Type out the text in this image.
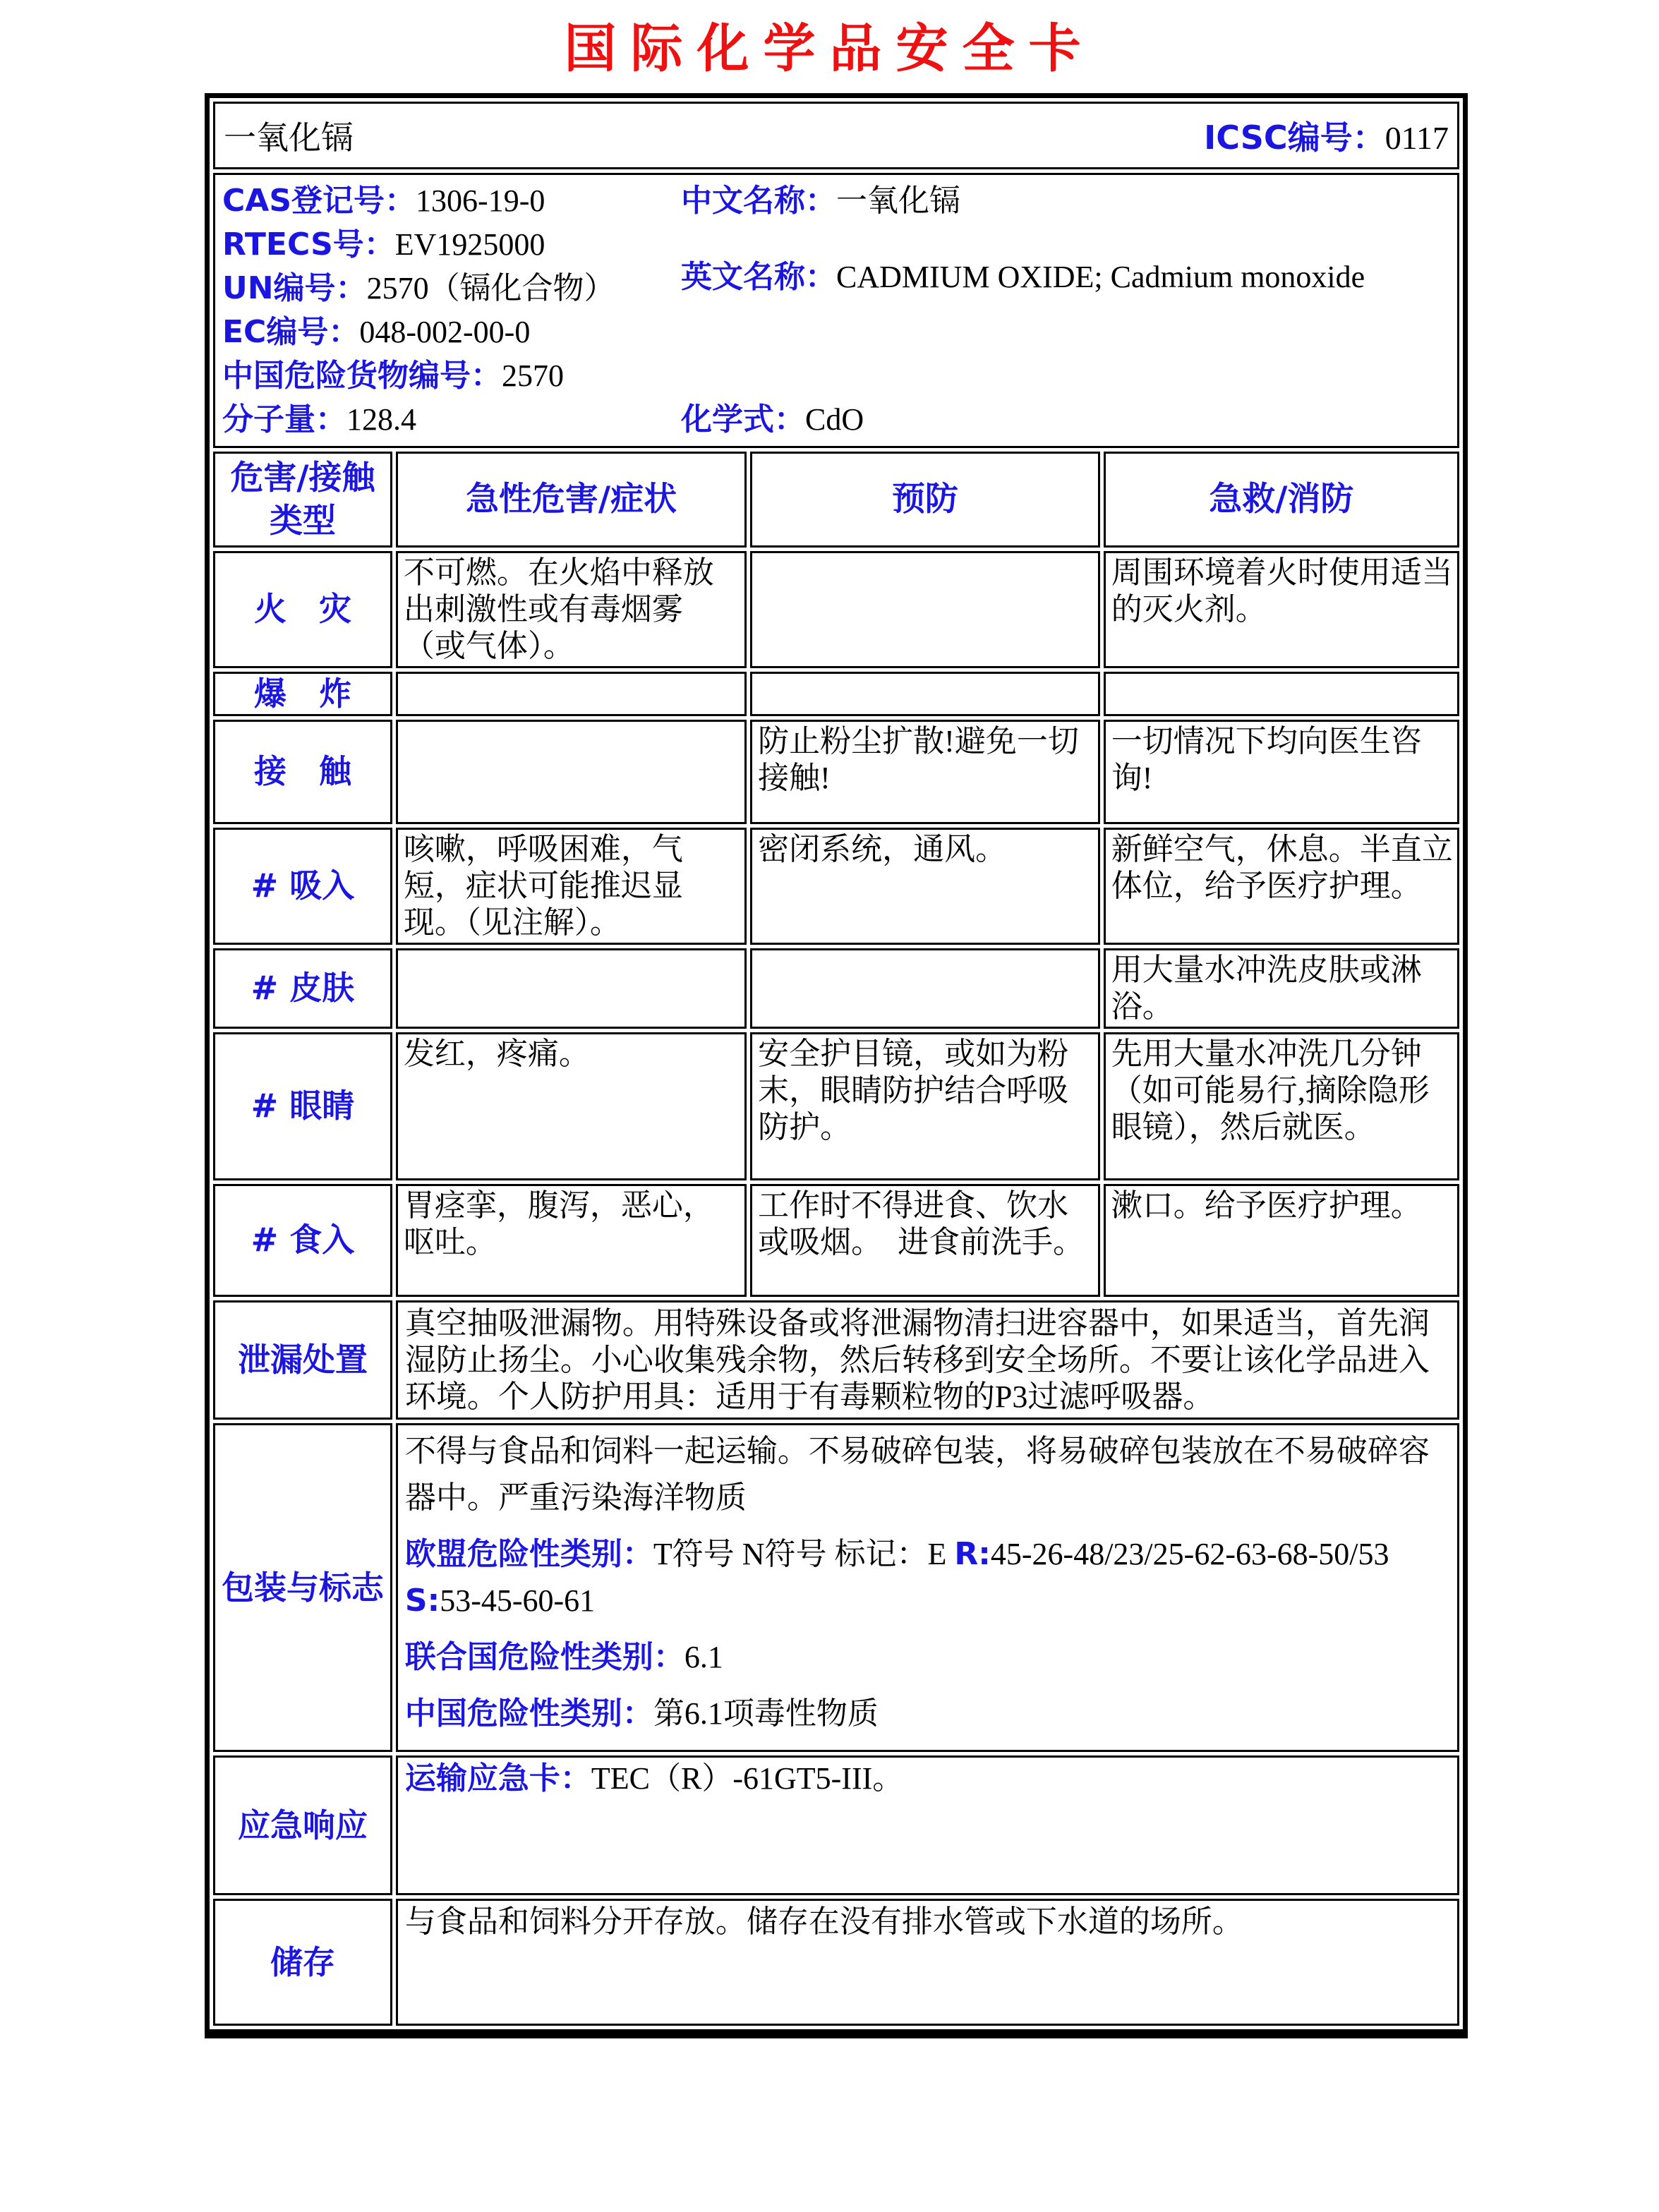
国际化学品安全卡
一氧化镉 ICSC编号：0117			

CAS登记号：1306-19-0
RTECS号：EV1925000
UN编号：2570（镉化合物）
EC编号：048-002-00-0
中国危险货物编号：2570
分子量：128.4
中文名称：一氧化镉
英文名称：CADMIUM OXIDE; Cadmium monoxide
化学式：CdO

危害/接触类型	急性危害/症状	预防	急救/消防
火　灾	不可燃。在火焰中释放出刺激性或有毒烟雾（或气体）。		周围环境着火时使用适当的灭火剂。
爆　炸			
接　触		防止粉尘扩散!避免一切接触!	一切情况下均向医生咨询!
# 吸入	咳嗽，呼吸困难，气短，症状可能推迟显现。（见注解）。	密闭系统，通风。	新鲜空气，休息。半直立体位，给予医疗护理。
# 皮肤			用大量水冲洗皮肤或淋浴。
# 眼睛	发红，疼痛。	安全护目镜，或如为粉末，眼睛防护结合呼吸防护。	先用大量水冲洗几分钟（如可能易行,摘除隐形眼镜），然后就医。
# 食入	胃痉挛，腹泻，恶心，呕吐。	工作时不得进食、饮水或吸烟。　进食前洗手。	漱口。给予医疗护理。
泄漏处置	真空抽吸泄漏物。用特殊设备或将泄漏物清扫进容器中，如果适当，首先润湿防止扬尘。小心收集残余物，然后转移到安全场所。不要让该化学品进入环境。个人防护用具：适用于有毒颗粒物的P3过滤呼吸器。		
包装与标志	不得与食品和饲料一起运输。不易破碎包装，将易破碎包装放在不易破碎容器中。严重污染海洋物质

欧盟危险性类别：T符号 N符号 标记：E R:45-26-48/23/25-62-63-68-50/53 S:53-45-60-61

联合国危险性类别：6.1

中国危险性类别：第6.1项毒性物质		

应急响应	运输应急卡：TEC（R）-61GT5-III。		
储存	与食品和饲料分开存放。储存在没有排水管或下水道的场所。		
